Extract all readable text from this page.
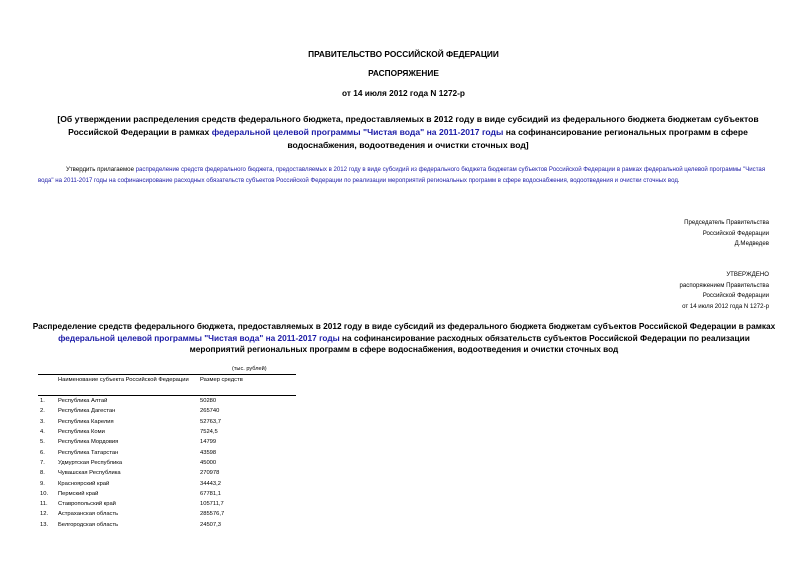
ПРАВИТЕЛЬСТВО РОССИЙСКОЙ ФЕДЕРАЦИИ
РАСПОРЯЖЕНИЕ
от 14 июля 2012 года N 1272-р
[Об утверждении распределения средств федерального бюджета, предоставляемых в 2012 году в виде субсидий из федерального бюджета бюджетам субъектов Российской Федерации в рамках федеральной целевой программы "Чистая вода" на 2011-2017 годы на софинансирование региональных программ в сфере водоснабжения, водоотведения и очистки сточных вод]
Утвердить прилагаемое распределение средств федерального бюджета, предоставляемых в 2012 году в виде субсидий из федерального бюджета бюджетам субъектов Российской Федерации в рамках федеральной целевой программы "Чистая вода" на 2011-2017 годы на софинансирование расходных обязательств субъектов Российской Федерации по реализации мероприятий региональных программ в сфере водоснабжения, водоотведения и очистки сточных вод.
Председатель Правительства
Российской Федерации
Д.Медведев
УТВЕРЖДЕНО
распоряжением Правительства
Российской Федерации
от 14 июля 2012 года N 1272-р
Распределение средств федерального бюджета, предоставляемых в 2012 году в виде субсидий из федерального бюджета бюджетам субъектов Российской Федерации в рамках федеральной целевой программы "Чистая вода" на 2011-2017 годы на софинансирование расходных обязательств субъектов Российской Федерации по реализации мероприятий региональных программ в сфере водоснабжения, водоотведения и очистки сточных вод
(тыс. рублей)
	Наименование субъекта Российской Федерации	Размер средств
1.	Республика Алтай	50280
2.	Республика Дагестан	265740
3.	Республика Карелия	52763,7
4.	Республика Коми	7524,5
5.	Республика Мордовия	14799
6.	Республика Татарстан	43598
7.	Удмуртская Республика	45000
8.	Чувашская Республика	270978
9.	Красноярский край	34443,2
10.	Пермский край	67781,1
11.	Ставропольский край	105711,7
12.	Астраханская область	285576,7
13.	Белгородская область	24507,3
